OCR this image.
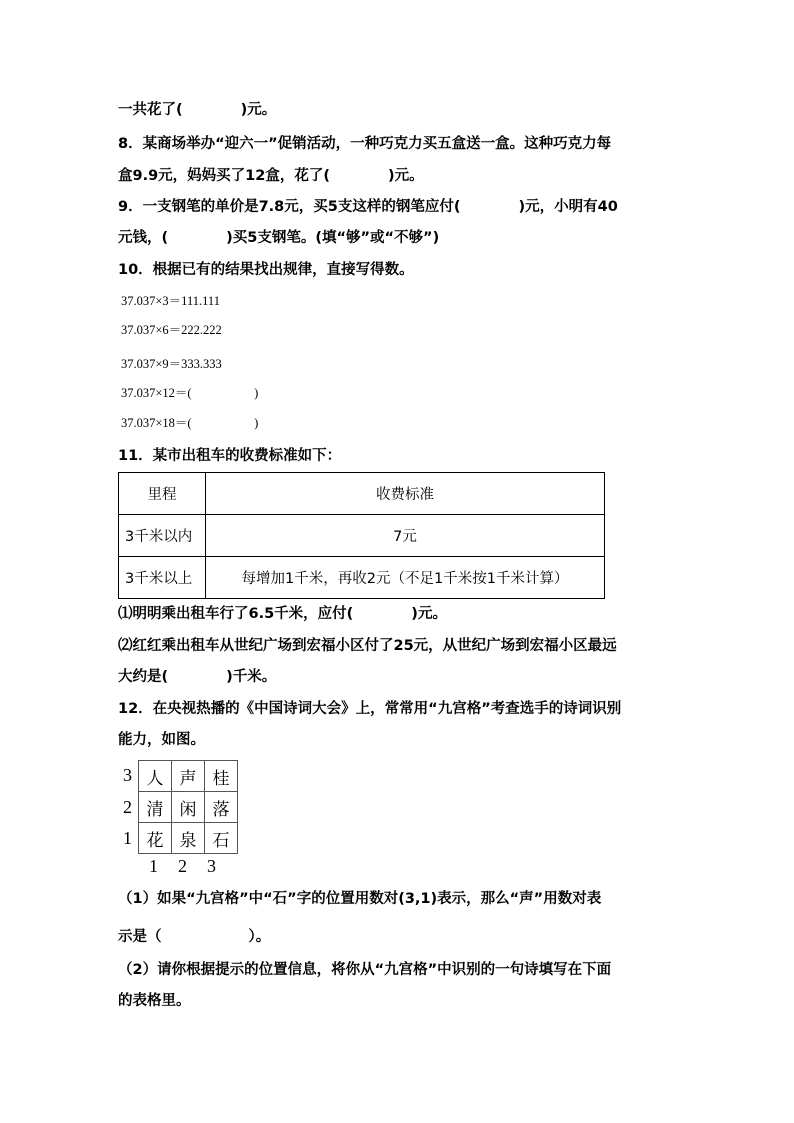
一共花了(　　　　)元。
8．某商场举办“迎六一”促销活动，一种巧克力买五盒送一盒。这种巧克力每
盒9.9元，妈妈买了12盒，花了(　　　　)元。
9．一支钢笔的单价是7.8元，买5支这样的钢笔应付(　　　　)元，小明有40
元钱，(　　　　)买5支钢笔。(填“够”或“不够”)
10．根据已有的结果找出规律，直接写得数。
37.037×3＝111.111
37.037×6＝222.222
37.037×9＝333.333
37.037×12＝(　　　　　)
37.037×18＝(　　　　　)
11．某市出租车的收费标准如下：
里程	收费标准
3千米以内	7元
3千米以上	每增加1千米，再收2元（不足1千米按1千米计算）
⑴明明乘出租车行了6.5千米，应付(　　　　)元。
⑵红红乘出租车从世纪广场到宏福小区付了25元，从世纪广场到宏福小区最远
大约是(　　　　)千米。
12．在央视热播的《中国诗词大会》上，常常用“九宫格”考查选手的诗词识别
能力，如图。
3
2
1
人	声	桂
清	闲	落
花	泉	石
1 2 3
（1）如果“九宫格”中“石”字的位置用数对(3,1)表示，那么“声”用数对表
示是（　　　　　　）。
（2）请你根据提示的位置信息，将你从“九宫格”中识别的一句诗填写在下面
的表格里。
